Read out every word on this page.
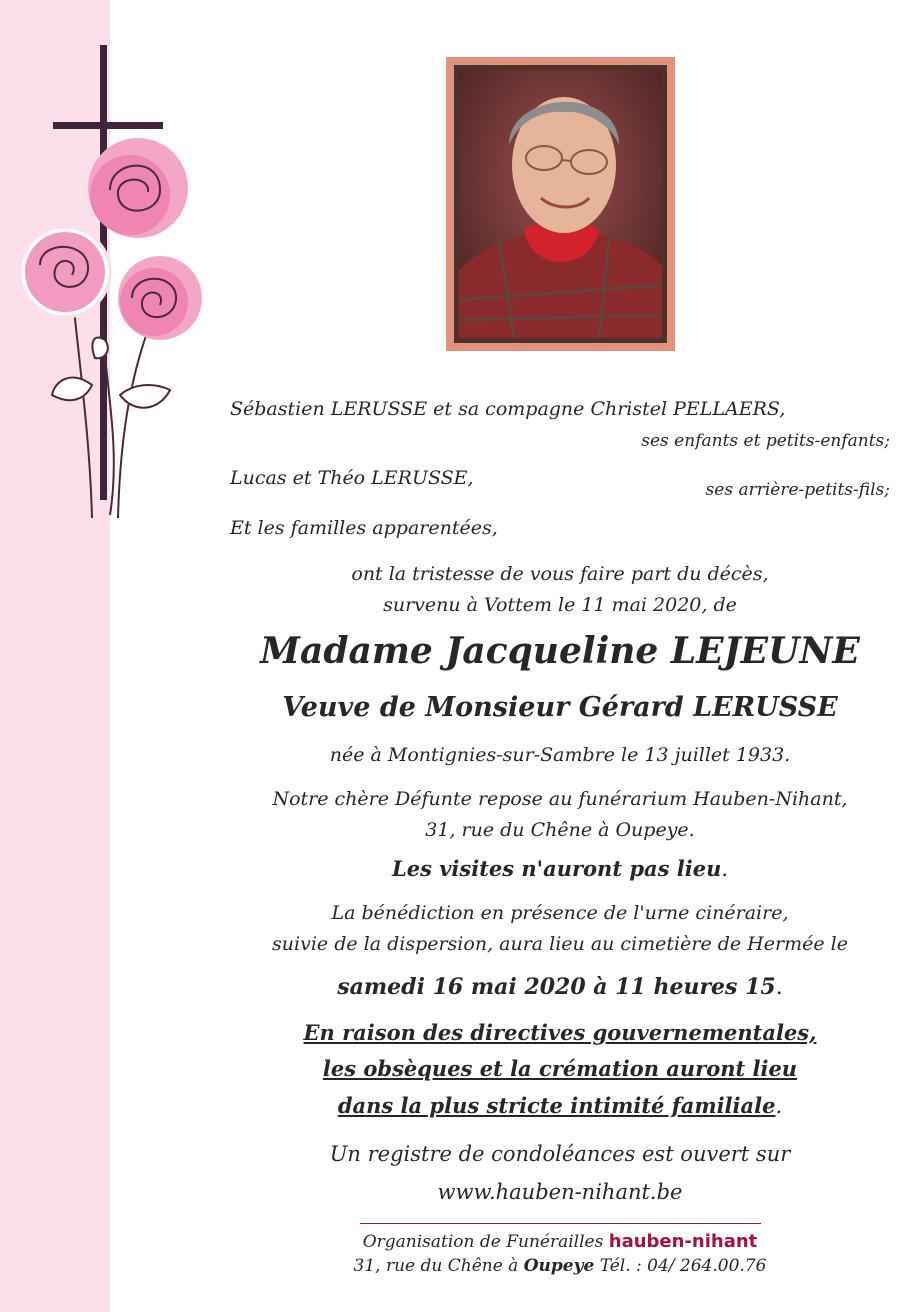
Sébastien LERUSSE et sa compagne Christel PELLAERS,
ses enfants et petits-enfants;
Lucas et Théo LERUSSE,
ses arrière-petits-fils;
Et les familles apparentées,
ont la tristesse de vous faire part du décès,
survenu à Vottem le 11 mai 2020, de
Madame Jacqueline LEJEUNE
Veuve de Monsieur Gérard LERUSSE
née à Montignies-sur-Sambre le 13 juillet 1933.
Notre chère Défunte repose au funérarium Hauben-Nihant,
31, rue du Chêne à Oupeye.
Les visites n'auront pas lieu.
La bénédiction en présence de l'urne cinéraire,
suivie de la dispersion, aura lieu au cimetière de Hermée le
samedi 16 mai 2020 à 11 heures 15.
En raison des directives gouvernementales,
les obsèques et la crémation auront lieu
dans la plus stricte intimité familiale.
Un registre de condoléances est ouvert sur
www.hauben-nihant.be
Organisation de Funérailles hauben-nihant
31, rue du Chêne à Oupeye Tél. : 04/ 264.00.76
